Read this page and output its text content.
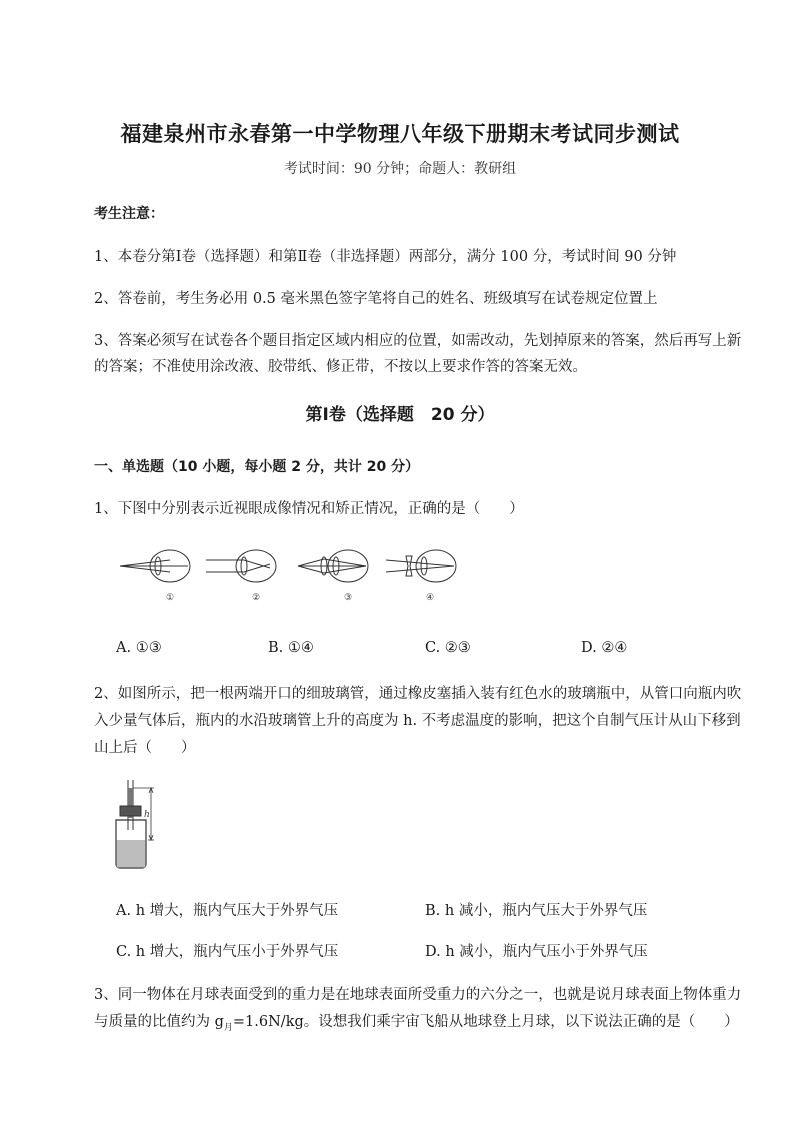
福建泉州市永春第一中学物理八年级下册期末考试同步测试
考试时间：90 分钟；命题人：教研组
考生注意：
1、本卷分第Ⅰ卷（选择题）和第Ⅱ卷（非选择题）两部分，满分 100 分，考试时间 90 分钟
2、答卷前，考生务必用 0.5 毫米黑色签字笔将自己的姓名、班级填写在试卷规定位置上
3、答案必须写在试卷各个题目指定区域内相应的位置，如需改动，先划掉原来的答案，然后再写上新
的答案；不准使用涂改液、胶带纸、修正带，不按以上要求作答的答案无效。
第Ⅰ卷（选择题　20 分）
一、单选题（10 小题，每小题 2 分，共计 20 分）
1、下图中分别表示近视眼成像情况和矫正情况，正确的是（　　）
①	②	③	④
A. ①③	B. ①④	C. ②③	D. ②④
2、如图所示，把一根两端开口的细玻璃管，通过橡皮塞插入装有红色水的玻璃瓶中，从管口向瓶内吹
入少量气体后，瓶内的水沿玻璃管上升的高度为 h. 不考虑温度的影响，把这个自制气压计从山下移到
山上后（　　）
h
A. h 增大，瓶内气压大于外界气压	B. h 减小，瓶内气压大于外界气压
C. h 增大，瓶内气压小于外界气压	D. h 减小，瓶内气压小于外界气压
3、同一物体在月球表面受到的重力是在地球表面所受重力的六分之一，也就是说月球表面上物体重力
与质量的比值约为 $g_月=1.6N/kg$。设想我们乘宇宙飞船从地球登上月球，以下说法正确的是（　　）
